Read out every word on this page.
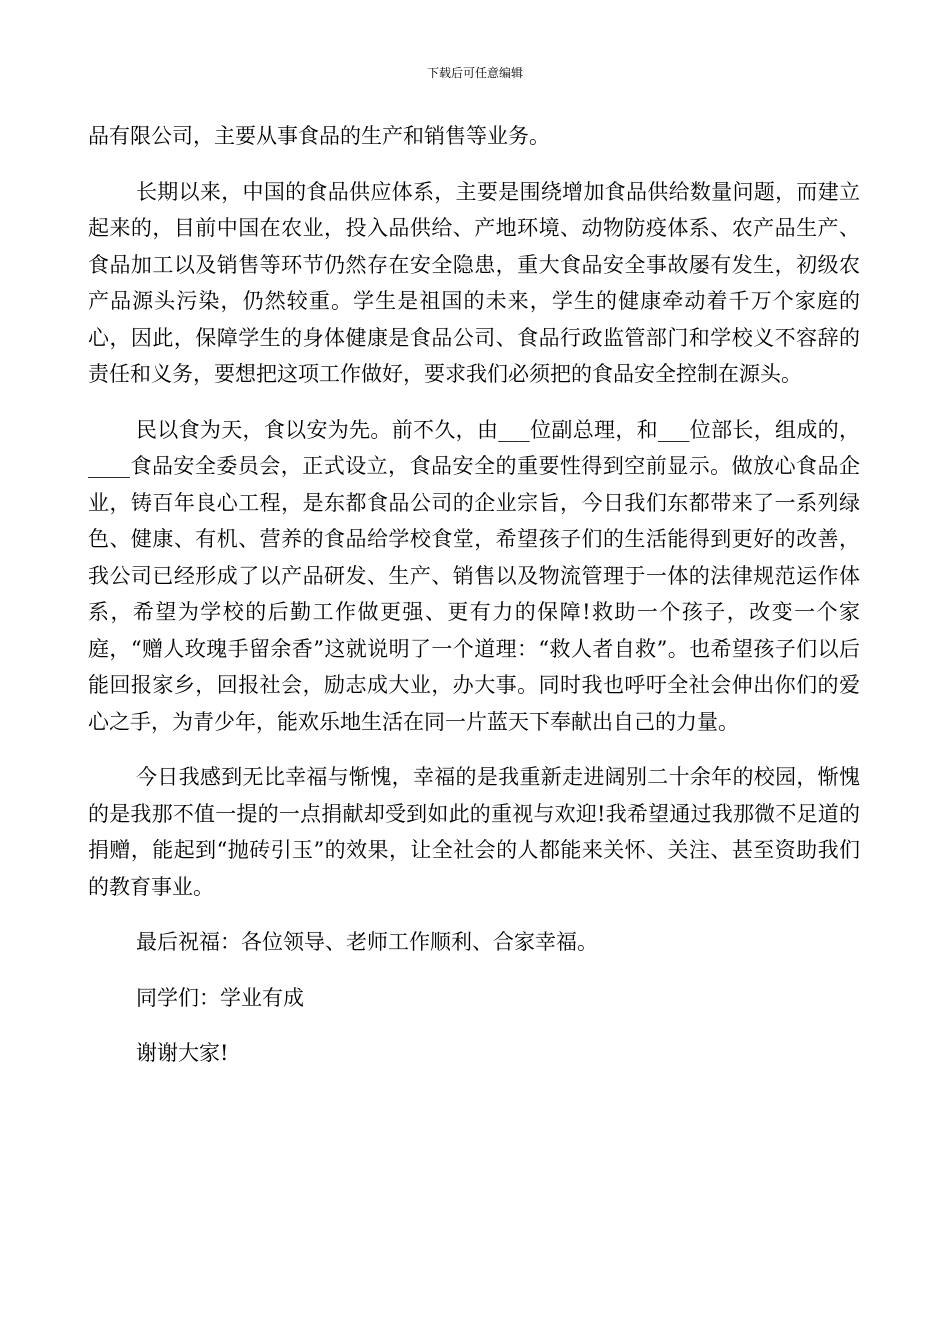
下载后可任意编辑

品有限公司，主要从事食品的生产和销售等业务。

长期以来，中国的食品供应体系，主要是围绕增加食品供给数量问题，而建立起来的，目前中国在农业，投入品供给、产地环境、动物防疫体系、农产品生产、食品加工以及销售等环节仍然存在安全隐患，重大食品安全事故屡有发生，初级农产品源头污染，仍然较重。学生是祖国的未来，学生的健康牵动着千万个家庭的心，因此，保障学生的身体健康是食品公司、食品行政监管部门和学校义不容辞的责任和义务，要想把这项工作做好，要求我们必须把的食品安全控制在源头。

民以食为天，食以安为先。前不久，由___位副总理，和___位部长，组成的，____食品安全委员会，正式设立，食品安全的重要性得到空前显示。做放心食品企业，铸百年良心工程，是东都食品公司的企业宗旨，今日我们东都带来了一系列绿色、健康、有机、营养的食品给学校食堂，希望孩子们的生活能得到更好的改善，我公司已经形成了以产品研发、生产、销售以及物流管理于一体的法律规范运作体系，希望为学校的后勤工作做更强、更有力的保障!救助一个孩子，改变一个家庭，“赠人玫瑰手留余香”这就说明了一个道理：“救人者自救”。也希望孩子们以后能回报家乡，回报社会，励志成大业，办大事。同时我也呼吁全社会伸出你们的爱心之手，为青少年，能欢乐地生活在同一片蓝天下奉献出自己的力量。

今日我感到无比幸福与惭愧，幸福的是我重新走进阔别二十余年的校园，惭愧的是我那不值一提的一点捐献却受到如此的重视与欢迎!我希望通过我那微不足道的捐赠，能起到“抛砖引玉”的效果，让全社会的人都能来关怀、关注、甚至资助我们的教育事业。

最后祝福：各位领导、老师工作顺利、合家幸福。

同学们：学业有成

谢谢大家!
